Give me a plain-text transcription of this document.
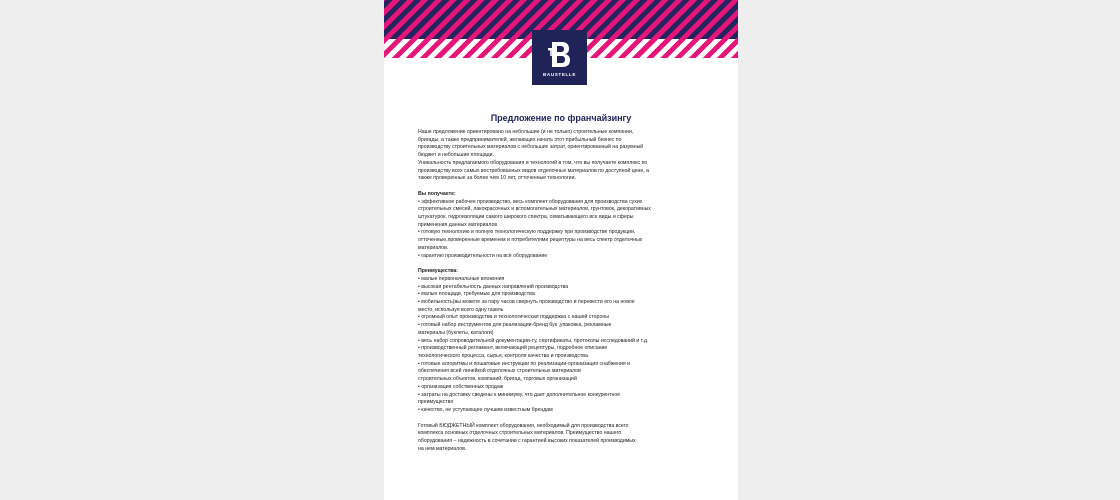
BAUSTELLE
Предложение по франчайзингу

Наше предложение ориентировано на небольшие (и не только) строительные компании,

бригады, а также предпринимателей, желающих начать этот прибыльный бизнес по

производству строительных материалов с небольших затрат, ориентированный на разумный

бюджет и небольшие площади.

Уникальность предлагаемого оборудования и технологий в том, что вы получаете комплекс по

производству всех самых востребованных видов отделочных материалов по доступной цене, а

также проверенные за более чем 10 лет, отточенные технологии.

Вы получаете:

• эффективное рабочее производство, весь комплект оборудования для производства сухих

строительных смесей, лакокрасочных и вспомогательных материалов, грунтовок, декоративных

штукатурок, гидроизоляции самого широкого спектра, охватывающего все виды и сферы

применения данных материалов

• готовую технологию и полную технологическую поддержку при производстве продукции,

отточенные,проверенные временем и потребителями рецептуры на весь спектр отделочных

материалов.

• гарантию производительности на всё оборудование

Преимущества:

• малые первоначальные вложения

• высокая рентабельность данных направлений производства

• малые площади, требуемые для производства

• мобильность(вы можете за пару часов свернуть производство и перевести его на новое

место, используя всего одну газель

• огромный опыт производства и технологическая поддержка с нашей стороны

• готовый набор инструментов для реализации-бренд бук ,упаковка, рекламные

материалы (буклеты, каталоги)

• весь набор сопроводительной документации-ту, сертификаты, протоколы исследований и т.д.

• производственный регламент, включающий рецептуры, подробное описание

технологического процесса, сырья, контроля качества и производства.

• готовые алгоритмы и пошаговые инструкции по реализации-организация снабжения и

обеспечения всей линейкой отделочных строительных материалов

строительных объектов, компаний, бригад, торговых организаций

• организация собственных продаж

• затраты на доставку сведены к минимуму, что дает дополнительное конкурентное

преимущество

• качество, не уступающее лучшим известным брендам

Готовый БЮДЖЕТНЫЙ комплект оборудования, необходимый для производства всего

комплекса основных отделочных строительных материалов. Преимущество нашего

оборудования – надежность в сочетании с гарантией высоких показателей производимых

на нем материалов.
